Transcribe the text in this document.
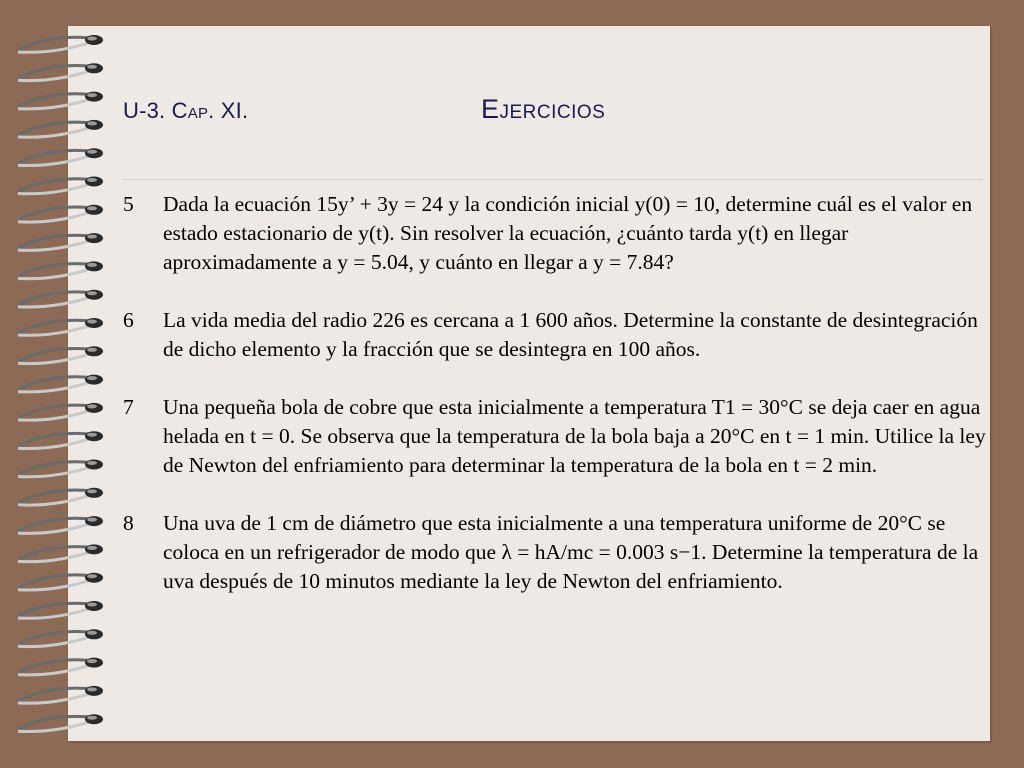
U-3. Cap. XI.	Ejercicios
5 Dada la ecuación 15y’ + 3y = 24 y la condición inicial y(0) = 10, determine cuál es el valor en estado estacionario de y(t). Sin resolver la ecuación, ¿cuánto tarda y(t) en llegar aproximadamente a y = 5.04, y cuánto en llegar a y = 7.84?
6 La vida media del radio 226 es cercana a 1 600 años. Determine la constante de desintegración de dicho elemento y la fracción que se desintegra en 100 años.
7 Una pequeña bola de cobre que esta inicialmente a temperatura T1 = 30°C se deja caer en agua helada en t = 0. Se observa que la temperatura de la bola baja a 20°C en t = 1 min. Utilice la ley de Newton del enfriamiento para determinar la temperatura de la bola en t = 2 min.
8 Una uva de 1 cm de diámetro que esta inicialmente a una temperatura uniforme de 20°C se coloca en un refrigerador de modo que λ = hA/mc = 0.003 s−1. Determine la temperatura de la uva después de 10 minutos mediante la ley de Newton del enfriamiento.
